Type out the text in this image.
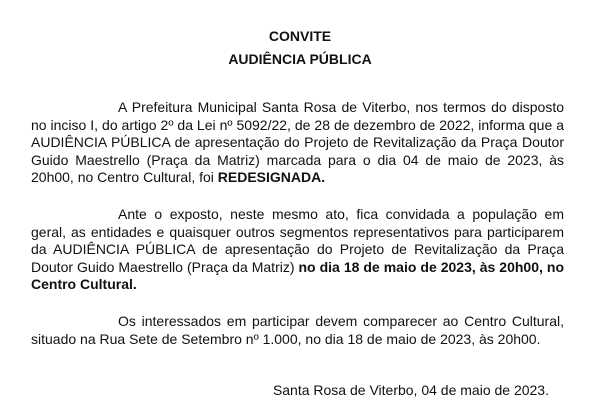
CONVITE
AUDIÊNCIA PÚBLICA

A Prefeitura Municipal Santa Rosa de Viterbo, nos termos do disposto no inciso I, do artigo 2º da Lei nº 5092/22, de 28 de dezembro de 2022, informa que a AUDIÊNCIA PÚBLICA de apresentação do Projeto de Revitalização da Praça Doutor Guido Maestrello (Praça da Matriz) marcada para o dia 04 de maio de 2023, às 20h00, no Centro Cultural, foi REDESIGNADA.

Ante o exposto, neste mesmo ato, fica convidada a população em geral, as entidades e quaisquer outros segmentos representativos para participarem da AUDIÊNCIA PÚBLICA de apresentação do Projeto de Revitalização da Praça Doutor Guido Maestrello (Praça da Matriz) no dia 18 de maio de 2023, às 20h00, no Centro Cultural.

Os interessados em participar devem comparecer ao Centro Cultural, situado na Rua Sete de Setembro nº 1.000, no dia 18 de maio de 2023, às 20h00.

Santa Rosa de Viterbo, 04 de maio de 2023.
